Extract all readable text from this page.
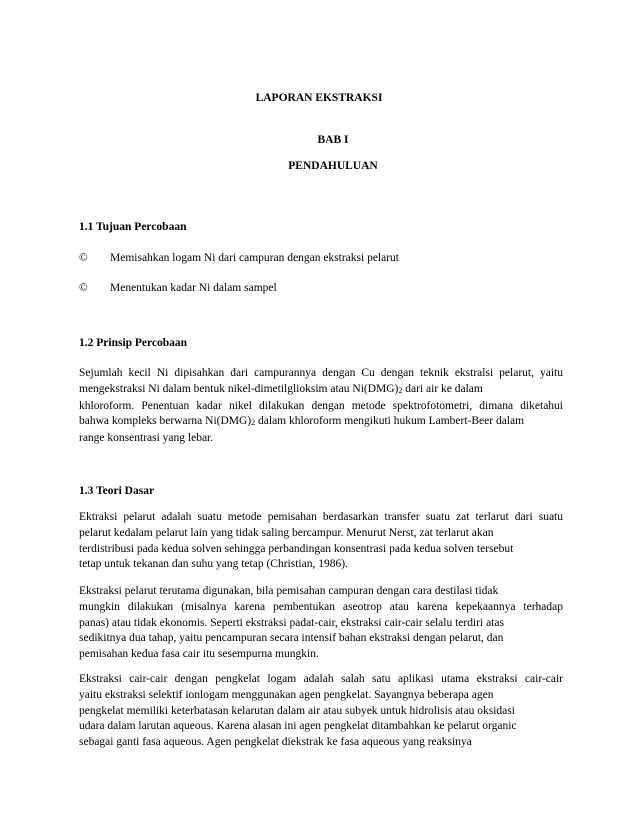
LAPORAN EKSTRAKSI
BAB I
PENDAHULUAN
1.1 Tujuan Percobaan
© Memisahkan logam Ni dari campuran dengan ekstraksi pelarut
© Menentukan kadar Ni dalam sampel
1.2 Prinsip Percobaan
Sejumlah kecil Ni dipisahkan dari campurannya dengan Cu dengan teknik ekstralsi pelarut, yaitu
mengekstraksi Ni dalam bentuk nikel-dimetilglioksim atau $Ni(DMG)_2$ dari air ke dalam
khloroform. Penentuan kadar nikel dilakukan dengan metode spektrofotometri, dimana diketahui
bahwa kompleks berwarna $Ni(DMG)_2$ dalam khloroform mengikuti hukum Lambert-Beer dalam
range konsentrasi yang lebar.
1.3 Teori Dasar
Ektraksi pelarut adalah suatu metode pemisahan berdasarkan transfer suatu zat terlarut dari suatu
pelarut kedalam pelarut lain yang tidak saling bercampur. Menurut Nerst, zat terlarut akan
terdistribusi pada kedua solven sehingga perbandingan konsentrasi pada kedua solven tersebut
tetap untuk tekanan dan suhu yang tetap (Christian, 1986).
Ekstraksi pelarut terutama digunakan, bila pemisahan campuran dengan cara destilasi tidak
mungkin dilakukan (misalnya karena pembentukan aseotrop atau karena kepekaannya terhadap
panas) atau tidak ekonomis. Seperti ekstraksi padat-cair, ekstraksi cair-cair selalu terdiri atas
sedikitnya dua tahap, yaitu pencampuran secara intensif bahan ekstraksi dengan pelarut, dan
pemisahan kedua fasa cair itu sesempurna mungkin.
Ekstraksi cair-cair dengan pengkelat logam adalah salah satu aplikasi utama ekstraksi cair-cair
yaitu ekstraksi selektif ionlogam menggunakan agen pengkelat. Sayangnya beberapa agen
pengkelat memiliki keterbatasan kelarutan dalam air atau subyek untuk hidrolisis atau oksidasi
udara dalam larutan aqueous. Karena alasan ini agen pengkelat ditambahkan ke pelarut organic
sebagai ganti fasa aqueous. Agen pengkelat diekstrak ke fasa aqueous yang reaksinya
